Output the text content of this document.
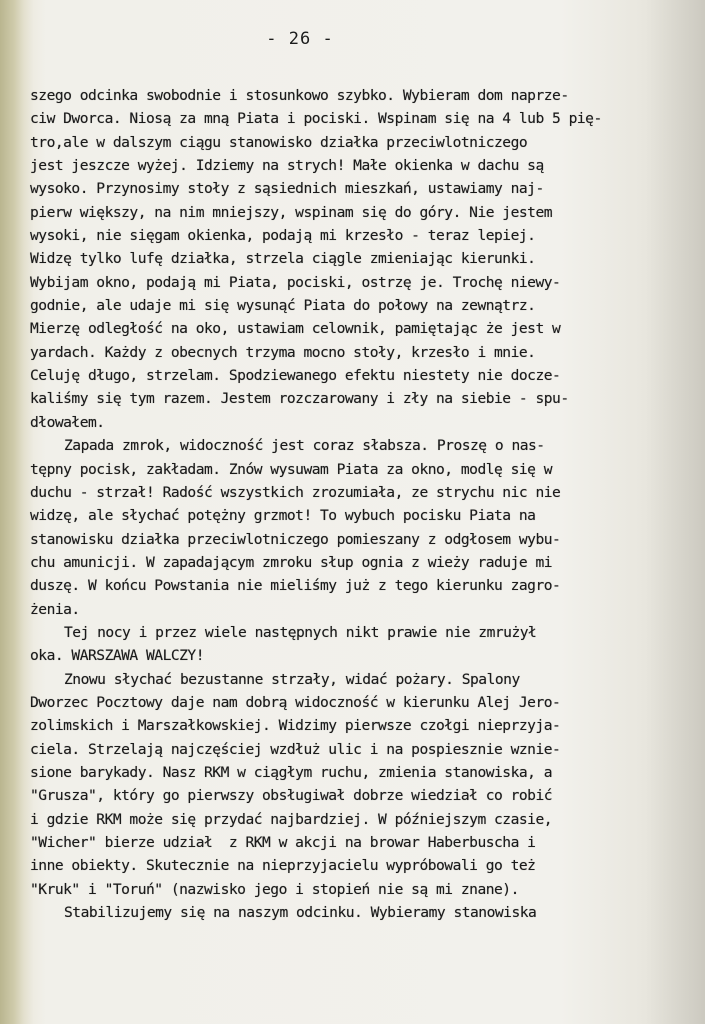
- 26 -
szego odcinka swobodnie i stosunkowo szybko. Wybieram dom naprze-
ciw Dworca. Niosą za mną Piata i pociski. Wspinam się na 4 lub 5 pię-
tro,ale w dalszym ciągu stanowisko działka przeciwlotniczego
jest jeszcze wyżej. Idziemy na strych! Małe okienka w dachu są
wysoko. Przynosimy stoły z sąsiednich mieszkań, ustawiamy naj-
pierw większy, na nim mniejszy, wspinam się do góry. Nie jestem
wysoki, nie sięgam okienka, podają mi krzesło - teraz lepiej.
Widzę tylko lufę działka, strzela ciągle zmieniając kierunki.
Wybijam okno, podają mi Piata, pociski, ostrzę je. Trochę niewy-
godnie, ale udaje mi się wysunąć Piata do połowy na zewnątrz.
Mierzę odległość na oko, ustawiam celownik, pamiętając że jest w
yardach. Każdy z obecnych trzyma mocno stoły, krzesło i mnie.
Celuję długo, strzelam. Spodziewanego efektu niestety nie doczе-
kaliśmy się tym razem. Jestem rozczarowany i zły na siebie - spu-
dłowałem.
Zapada zmrok, widoczność jest coraz słabsza. Proszę o nas-
tępny pocisk, zakładam. Znów wysuwam Piata za okno, modlę się w
duchu - strzał! Radość wszystkich zrozumiała, ze strychu nic nie
widzę, ale słychać potężny grzmot! To wybuch pocisku Piata na
stanowisku działka przeciwlotniczego pomieszany z odgłosem wybu-
chu amunicji. W zapadającym zmroku słup ognia z wieży raduje mi
duszę. W końcu Powstania nie mieliśmy już z tego kierunku zagro-
żenia.
Tej nocy i przez wiele następnych nikt prawie nie zmrużył
oka. WARSZAWA WALCZY!
Znowu słychać bezustanne strzały, widać pożary. Spalony
Dworzec Pocztowy daje nam dobrą widoczność w kierunku Alej Jero-
zolimskich i Marszałkowskiej. Widzimy pierwsze czołgi nieprzyja-
ciela. Strzelają najczęściej wzdłuż ulic i na pospiesznie wznie-
sione barykady. Nasz RKM w ciągłym ruchu, zmienia stanowiska, a
"Grusza", który go pierwszy obsługiwał dobrze wiedział co robić
i gdzie RKM może się przydać najbardziej. W późniejszym czasie,
"Wicher" bierze udział  z RKM w akcji na browar Haberbuscha i
inne obiekty. Skutecznie na nieprzyjacielu wypróbowali go też
"Kruk" i "Toruń" (nazwisko jego i stopień nie są mi znane).
Stabilizujemy się na naszym odcinku. Wybieramy stanowiska
